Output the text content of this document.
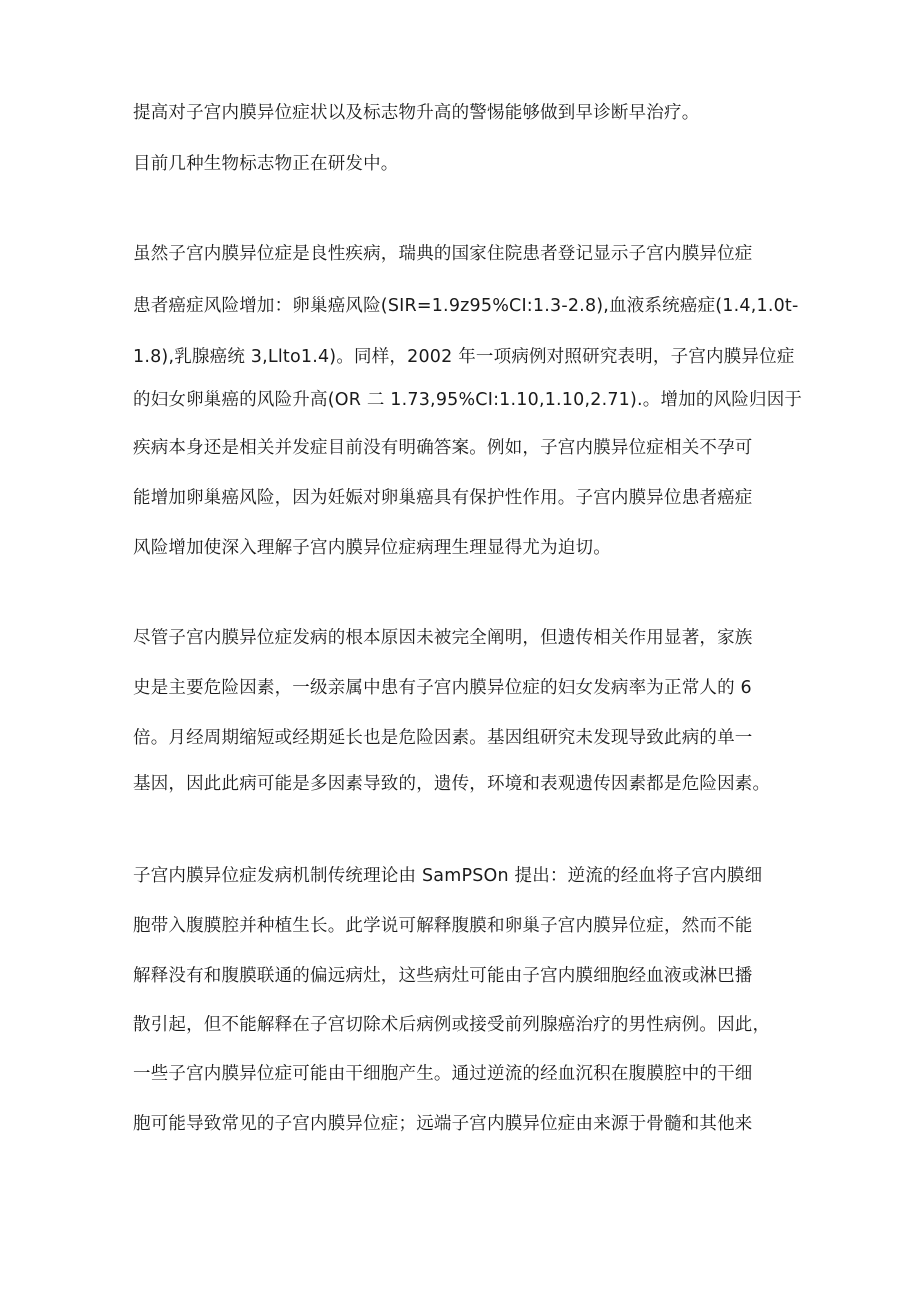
提高对子宫内膜异位症状以及标志物升高的警惕能够做到早诊断早治疗。
目前几种生物标志物正在研发中。
虽然子宫内膜异位症是良性疾病，瑞典的国家住院患者登记显示子宫内膜异位症
患者癌症风险增加：卵巢癌风险(SIR=1.9z95%CI:1.3-2.8),血液系统癌症(1.4,1.0t-
1.8),乳腺癌统 3,Llto1.4)。同样，2002 年一项病例对照研究表明，子宫内膜异位症
的妇女卵巢癌的风险升高(OR 二 1.73,95%CI:1.10,1.10,2.71).。增加的风险归因于
疾病本身还是相关并发症目前没有明确答案。例如，子宫内膜异位症相关不孕可
能增加卵巢癌风险，因为妊娠对卵巢癌具有保护性作用。子宫内膜异位患者癌症
风险增加使深入理解子宫内膜异位症病理生理显得尤为迫切。
尽管子宫内膜异位症发病的根本原因未被完全阐明，但遗传相关作用显著，家族
史是主要危险因素，一级亲属中患有子宫内膜异位症的妇女发病率为正常人的 6
倍。月经周期缩短或经期延长也是危险因素。基因组研究未发现导致此病的单一
基因，因此此病可能是多因素导致的，遗传，环境和表观遗传因素都是危险因素。
子宫内膜异位症发病机制传统理论由 SamPSOn 提出：逆流的经血将子宫内膜细
胞带入腹膜腔并种植生长。此学说可解释腹膜和卵巢子宫内膜异位症，然而不能
解释没有和腹膜联通的偏远病灶，这些病灶可能由子宫内膜细胞经血液或淋巴播
散引起，但不能解释在子宫切除术后病例或接受前列腺癌治疗的男性病例。因此，
一些子宫内膜异位症可能由干细胞产生。通过逆流的经血沉积在腹膜腔中的干细
胞可能导致常见的子宫内膜异位症；远端子宫内膜异位症由来源于骨髓和其他来
